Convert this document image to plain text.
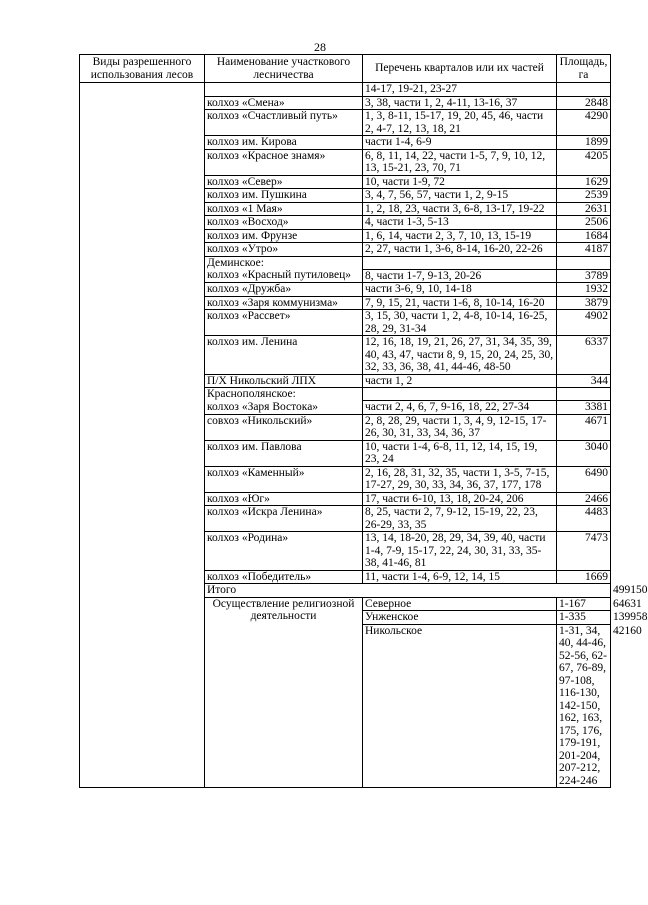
28
Виды разрешенного использования лесов	Наименование участкового лесничества	Перечень кварталов или их частей	Площадь, га	
		14-17, 19-21, 23-27		
	колхоз «Смена»	3, 38, части 1, 2, 4-11, 13-16, 37	2848	
	колхоз «Счастливый путь»	1, 3, 8-11, 15-17, 19, 20, 45, 46, части 2, 4-7, 12, 13, 18, 21	4290	
	колхоз им. Кирова	части 1-4, 6-9	1899	
	колхоз «Красное знамя»	6, 8, 11, 14, 22, части 1-5, 7, 9, 10, 12, 13, 15-21, 23, 70, 71	4205	
	колхоз «Север»	10, части 1-9, 72	1629	
	колхоз им. Пушкина	3, 4, 7, 56, 57, части 1, 2, 9-15	2539	
	колхоз «1 Мая»	1, 2, 18, 23, части 3, 6-8, 13-17, 19-22	2631	
	колхоз «Восход»	4, части 1-3, 5-13	2506	
	колхоз им. Фрунзе	1, 6, 14, части 2, 3, 7, 10, 13, 15-19	1684	
	колхоз «Утро»	2, 27, части 1, 3-6, 8-14, 16-20, 22-26	4187	
	Деминское:			
	колхоз «Красный путиловец»	8, части 1-7, 9-13, 20-26	3789	
	колхоз «Дружба»	части 3-6, 9, 10, 14-18	1932	
	колхоз «Заря коммунизма»	7, 9, 15, 21, части 1-6, 8, 10-14, 16-20	3879	
	колхоз «Рассвет»	3, 15, 30, части 1, 2, 4-8, 10-14, 16-25, 28, 29, 31-34	4902	
	колхоз им. Ленина	12, 16, 18, 19, 21, 26, 27, 31, 34, 35, 39, 40, 43, 47, части 8, 9, 15, 20, 24, 25, 30, 32, 33, 36, 38, 41, 44-46, 48-50	6337	
	П/Х Никольский ЛПХ	части 1, 2	344	
	Краснополянское:			
	колхоз «Заря Востока»	части 2, 4, 6, 7, 9-16, 18, 22, 27-34	3381	
	совхоз «Никольский»	2, 8, 28, 29, части 1, 3, 4, 9, 12-15, 17-26, 30, 31, 33, 34, 36, 37	4671	
	колхоз им. Павлова	10, части 1-4, 6-8, 11, 12, 14, 15, 19, 23, 24	3040	
	колхоз «Каменный»	2, 16, 28, 31, 32, 35, части 1, 3-5, 7-15, 17-27, 29, 30, 33, 34, 36, 37, 177, 178	6490	
	колхоз «Юг»	17, части 6-10, 13, 18, 20-24, 206	2466	
	колхоз «Искра Ленина»	8, 25, части 2, 7, 9-12, 15-19, 22, 23, 26-29, 33, 35	4483	
	колхоз «Родина»	13, 14, 18-20, 28, 29, 34, 39, 40, части 1-4, 7-9, 15-17, 22, 24, 30, 31, 33, 35-38, 41-46, 81	7473	
	колхоз «Победитель»	11, части 1-4, 6-9, 12, 14, 15	1669	
	Итого			499150
	Осуществление религиозной деятельности	Северное	1-167	64631
		Унженское	1-335	139958
		Никольское	1-31, 34, 40, 44-46, 52-56, 62-67, 76-89, 97-108, 116-130, 142-150, 162, 163, 175, 176, 179-191, 201-204, 207-212, 224-246	42160
